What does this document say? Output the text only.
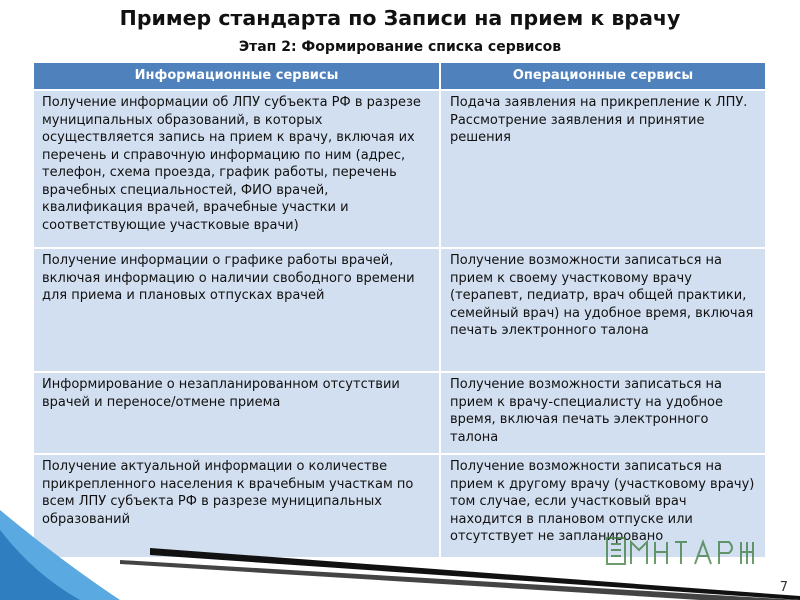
Пример стандарта по Записи на прием к врачу
Этап 2: Формирование списка сервисов
Информационные сервисы	Операционные сервисы
Получение информации об ЛПУ субъекта РФ в разрезе муниципальных образований, в которых осуществляется запись на прием к врачу, включая их перечень и справочную информацию по ним (адрес, телефон, схема проезда, график работы, перечень врачебных специальностей, ФИО врачей, квалификация врачей, врачебные участки и соответствующие участковые врачи)	Подача заявления на прикрепление к ЛПУ. Рассмотрение заявления и принятие решения
Получение информации о графике работы врачей, включая информацию о наличии свободного времени для приема и плановых отпусках врачей	Получение возможности записаться на прием к своему участковому врачу (терапевт, педиатр, врач общей практики, семейный врач) на удобное время, включая печать электронного талона
Информирование о незапланированном отсутствии врачей и переносе/отмене приема	Получение возможности записаться на прием к врачу-специалисту на удобное время, включая печать электронного талона
Получение актуальной информации о количестве прикрепленного населения к врачебным участкам по всем ЛПУ субъекта РФ в разрезе муниципальных образований	Получение возможности записаться на прием к другому врачу (участковому врачу) том случае, если участковый врач находится в плановом отпуске или отсутствует не запланировано
7
